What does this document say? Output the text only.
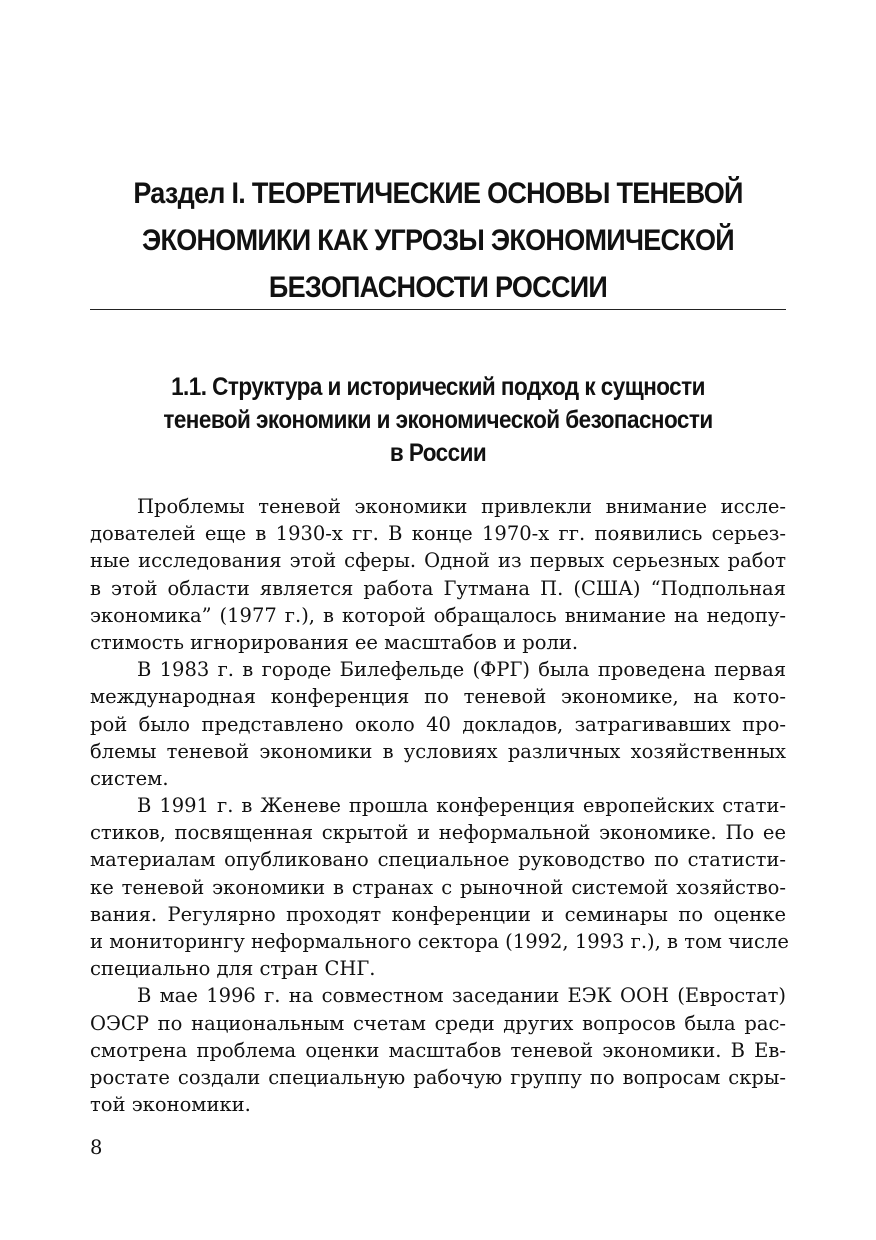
Раздел I. ТЕОРЕТИЧЕСКИЕ ОСНОВЫ ТЕНЕВОЙ
ЭКОНОМИКИ КАК УГРОЗЫ ЭКОНОМИЧЕСКОЙ
БЕЗОПАСНОСТИ РОССИИ
1.1. Структура и исторический подход к сущности
теневой экономики и экономической безопасности
в России
Проблемы теневой экономики привлекли внимание иссле-
дователей еще в 1930-х гг. В конце 1970-х гг. появились серьез-
ные исследования этой сферы. Одной из первых серьезных работ
в этой области является работа Гутмана П. (США) “Подпольная
экономика” (1977 г.), в которой обращалось внимание на недопу-
стимость игнорирования ее масштабов и роли.
В 1983 г. в городе Билефельде (ФРГ) была проведена первая
международная конференция по теневой экономике, на кото-
рой было представлено около 40 докладов, затрагивавших про-
блемы теневой экономики в условиях различных хозяйственных
систем.
В 1991 г. в Женеве прошла конференция европейских стати-
стиков, посвященная скрытой и неформальной экономике. По ее
материалам опубликовано специальное руководство по статисти-
ке теневой экономики в странах с рыночной системой хозяйство-
вания. Регулярно проходят конференции и семинары по оценке
и мониторингу неформального сектора (1992, 1993 г.), в том числе
специально для стран СНГ.
В мае 1996 г. на совместном заседании ЕЭК ООН (Евростат)
ОЭСР по национальным счетам среди других вопросов была рас-
смотрена проблема оценки масштабов теневой экономики. В Ев-
ростате создали специальную рабочую группу по вопросам скры-
той экономики.
8
